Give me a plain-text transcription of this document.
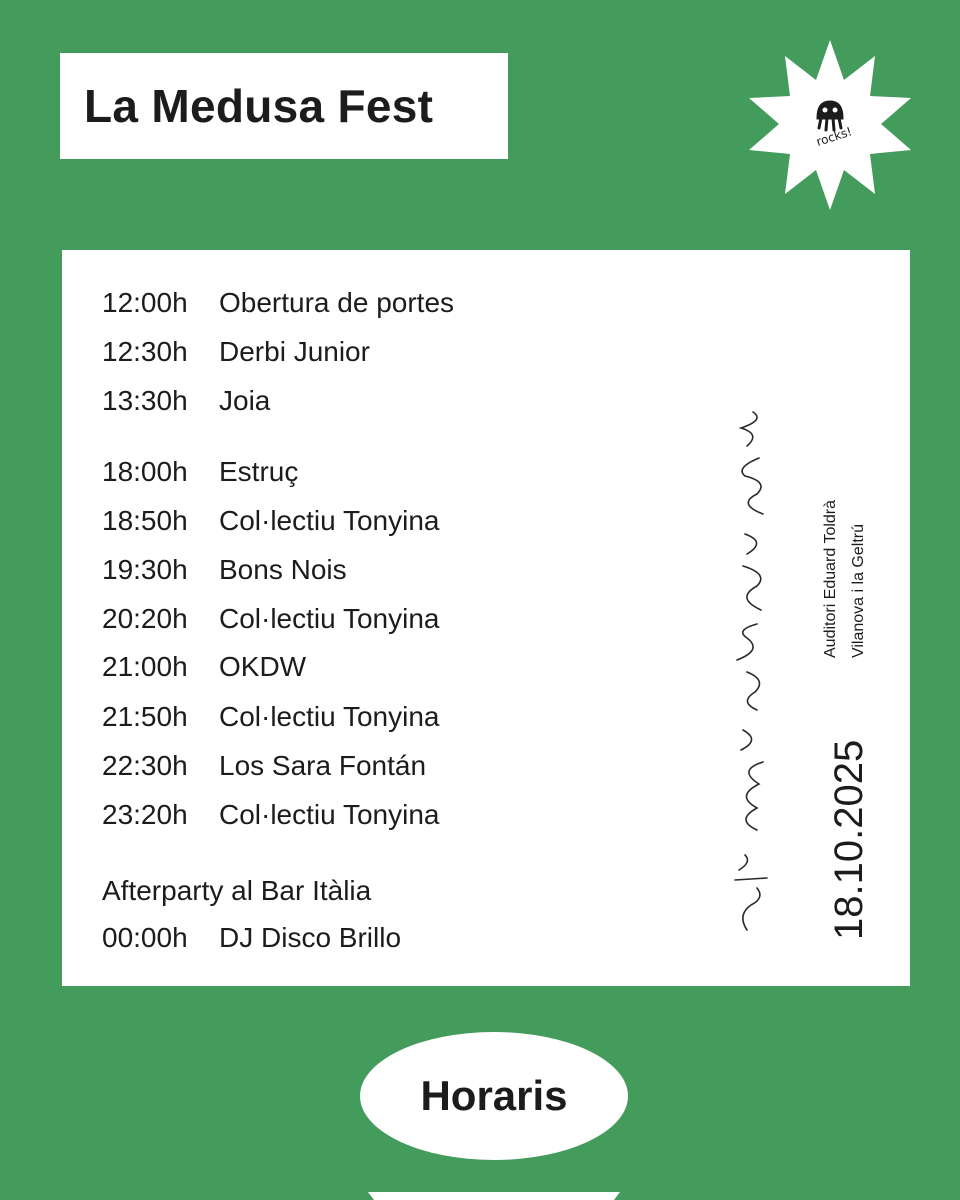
La Medusa Fest
rocks!
12:00h Obertura de portes
12:30h Derbi Junior
13:30h Joia
18:00h Estruç
18:50h Col·lectiu Tonyina
19:30h Bons Nois
20:20h Col·lectiu Tonyina
21:00h OKDW
21:50h Col·lectiu Tonyina
22:30h Los Sara Fontán
23:20h Col·lectiu Tonyina
Afterparty al Bar Itàlia
00:00h DJ Disco Brillo
Auditori Eduard Toldrà Vilanova i la Geltrú
18.10.2025
Horaris
